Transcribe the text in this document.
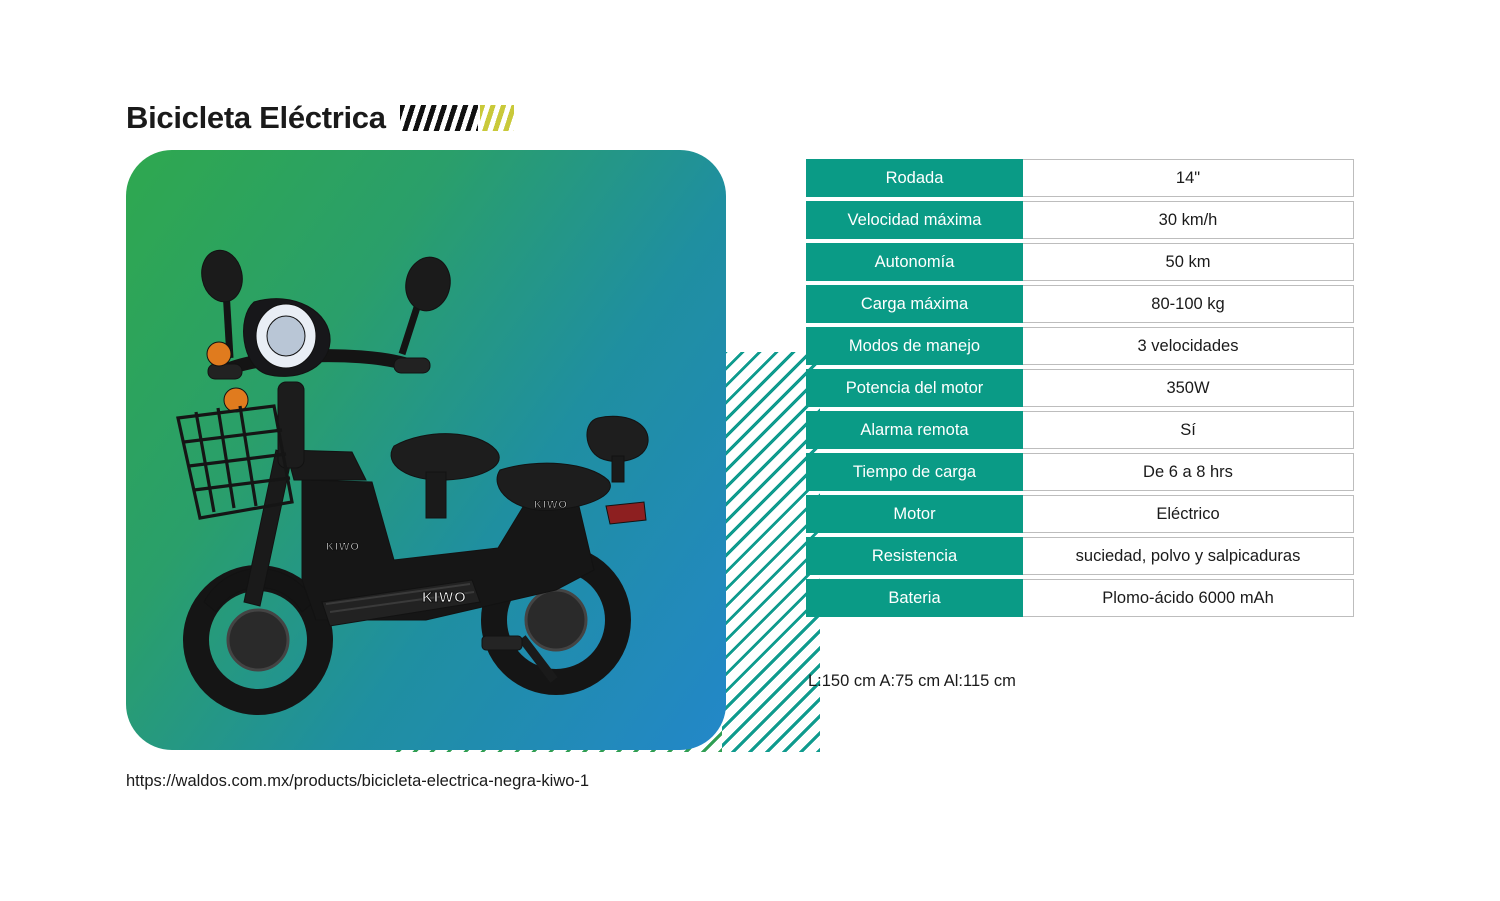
Bicicleta Eléctrica
KIWO
KIWO
KIWO
Rodada	14"
Velocidad máxima	30 km/h
Autonomía	50 km
Carga máxima	80-100 kg
Modos de manejo	3 velocidades
Potencia del motor	350W
Alarma remota	Sí
Tiempo de carga	De 6 a 8 hrs
Motor	Eléctrico
Resistencia	suciedad, polvo y salpicaduras
Bateria	Plomo-ácido 6000 mAh
L:150 cm A:75 cm Al:115 cm
https://waldos.com.mx/products/bicicleta-electrica-negra-kiwo-1
